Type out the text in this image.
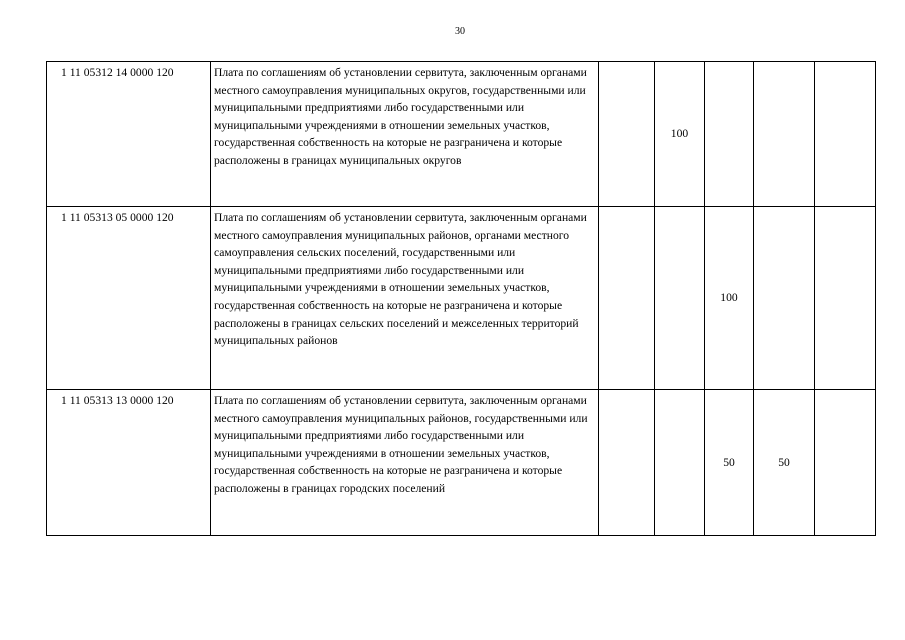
30
1 11 05312 14 0000 120	Плата по соглашениям об установлении сервитута, заключенным органами местного самоуправления муниципальных округов, государственными или муниципальными предприятиями либо государственными или муниципальными учреждениями в отношении земельных участков, государственная собственность на которые не разграничена и которые расположены в границах муниципальных округов		100			
1 11 05313 05 0000 120	Плата по соглашениям об установлении сервитута, заключенным органами местного самоуправления муниципальных районов, органами местного самоуправления сельских поселений, государственными или муниципальными предприятиями либо государственными или муниципальными учреждениями в отношении земельных участков, государственная собственность на которые не разграничена и которые расположены в границах сельских поселений и межселенных территорий муниципальных районов			100		
1 11 05313 13 0000 120	Плата по соглашениям об установлении сервитута, заключенным органами местного самоуправления муниципальных районов, государственными или муниципальными предприятиями либо государственными или муниципальными учреждениями в отношении земельных участков, государственная собственность на которые не разграничена и которые расположены в границах городских поселений			50	50	
